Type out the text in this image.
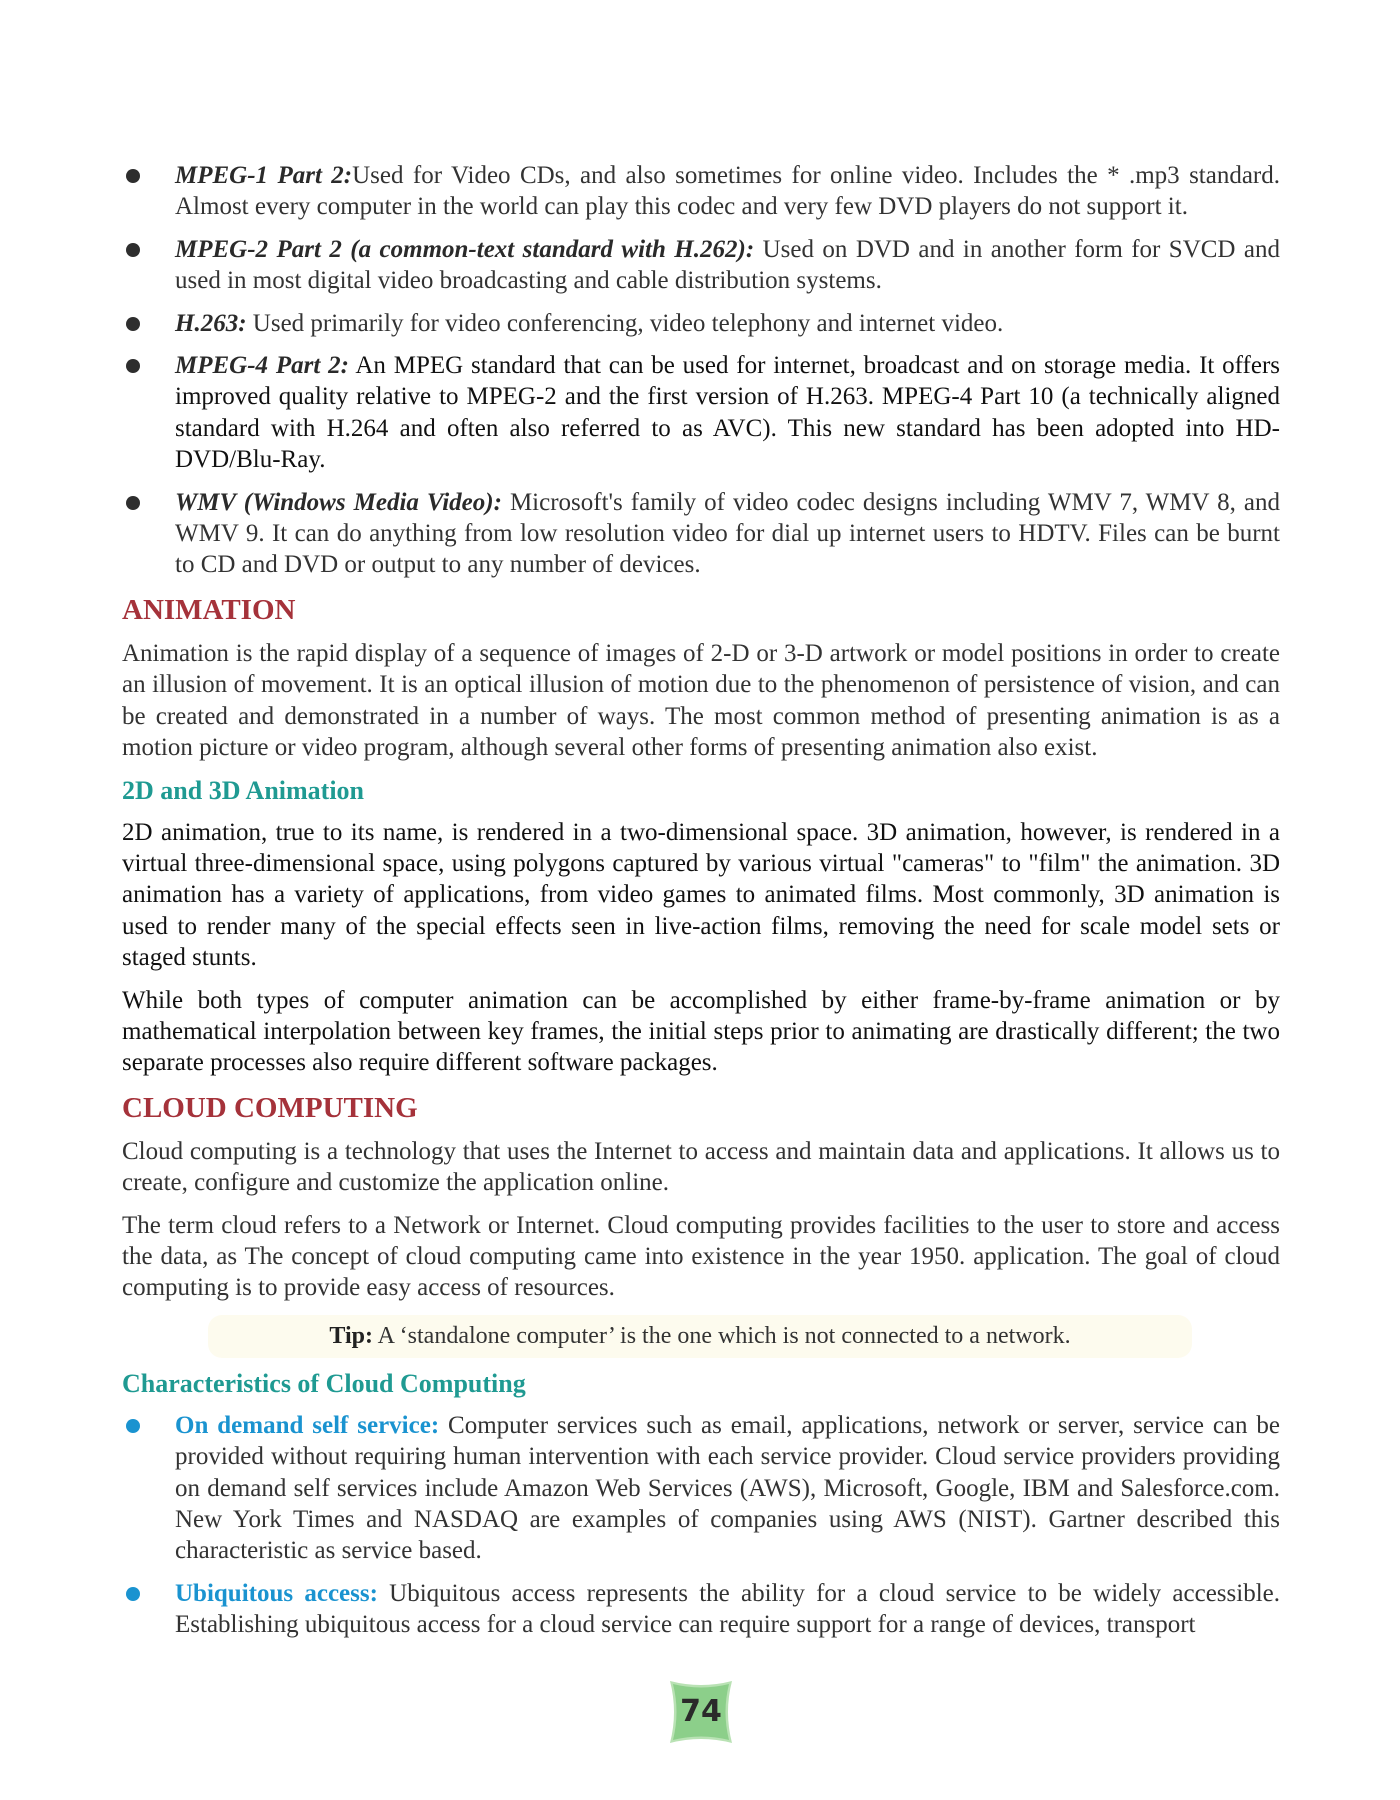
MPEG-1 Part 2:Used for Video CDs, and also sometimes for online video. Includes the * .mp3 standard. Almost every computer in the world can play this codec and very few DVD players do not support it.
MPEG-2 Part 2 (a common-text standard with H.262): Used on DVD and in another form for SVCD and used in most digital video broadcasting and cable distribution systems.
H.263: Used primarily for video conferencing, video telephony and internet video.
MPEG-4 Part 2: An MPEG standard that can be used for internet, broadcast and on storage media. It offers improved quality relative to MPEG-2 and the first version of H.263. MPEG-4 Part 10 (a technically aligned standard with H.264 and often also referred to as AVC). This new standard has been adopted into HD-DVD/Blu-Ray.
WMV (Windows Media Video): Microsoft's family of video codec designs including WMV 7, WMV 8, and WMV 9. It can do anything from low resolution video for dial up internet users to HDTV. Files can be burnt to CD and DVD or output to any number of devices.
ANIMATION

Animation is the rapid display of a sequence of images of 2-D or 3-D artwork or model positions in order to create an illusion of movement. It is an optical illusion of motion due to the phenomenon of persistence of vision, and can be created and demonstrated in a number of ways. The most common method of presenting animation is as a motion picture or video program, although several other forms of presenting animation also exist.

2D and 3D Animation

2D animation, true to its name, is rendered in a two-dimensional space. 3D animation, however, is rendered in a virtual three-dimensional space, using polygons captured by various virtual "cameras" to "film" the animation. 3D animation has a variety of applications, from video games to animated films. Most commonly, 3D animation is used to render many of the special effects seen in live-action films, removing the need for scale model sets or staged stunts.

While both types of computer animation can be accomplished by either frame-by-frame animation or by mathematical interpolation between key frames, the initial steps prior to animating are drastically different; the two separate processes also require different software packages.

CLOUD COMPUTING

Cloud computing is a technology that uses the Internet to access and maintain data and applications. It allows us to create, configure and customize the application online.

The term cloud refers to a Network or Internet. Cloud computing provides facilities to the user to store and access the data, as The concept of cloud computing came into existence in the year 1950. application. The goal of cloud computing is to provide easy access of resources.

Tip: A ‘standalone computer’ is the one which is not connected to a network.
Characteristics of Cloud Computing
On demand self service: Computer services such as email, applications, network or server, service can be provided without requiring human intervention with each service provider. Cloud service providers providing on demand self services include Amazon Web Services (AWS), Microsoft, Google, IBM and Salesforce.com. New York Times and NASDAQ are examples of companies using AWS (NIST). Gartner described this characteristic as service based.
Ubiquitous access: Ubiquitous access represents the ability for a cloud service to be widely accessible. Establishing ubiquitous access for a cloud service can require support for a range of devices, transport
74
